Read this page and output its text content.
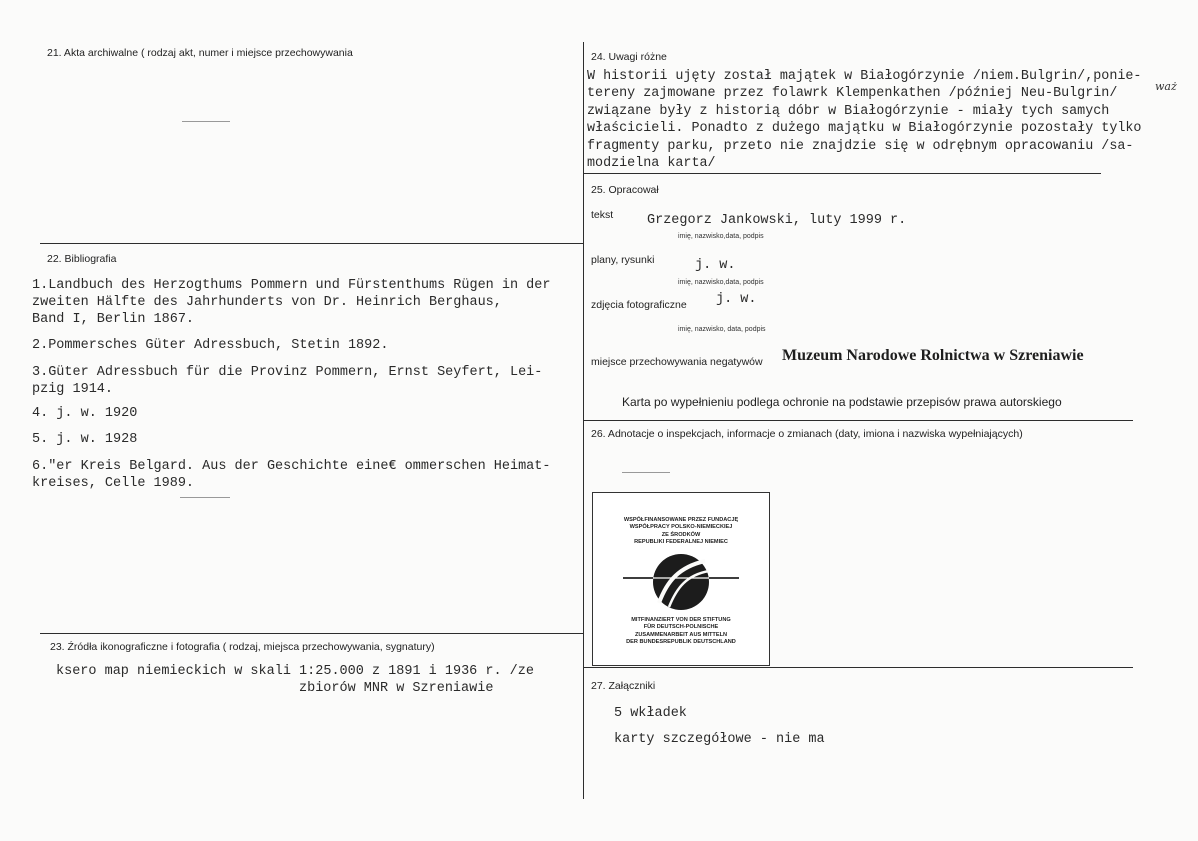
21. Akta archiwalne ( rodzaj akt, numer i miejsce przechowywania
22. Bibliografia
1.Landbuch des Herzogthums Pommern und Fürstenthums Rügen in der
zweiten Hälfte des Jahrhunderts von Dr. Heinrich Berghaus,
Band I, Berlin 1867.
2.Pommersches Güter Adressbuch, Stetin 1892.
3.Güter Adressbuch für die Provinz Pommern, Ernst Seyfert, Lei-
pzig 1914.
4. j. w. 1920
5. j. w. 1928
6."er Kreis Belgard. Aus der Geschichte eine€ ommerschen Heimat-
kreises, Celle 1989.
23. Źródła ikonograficzne i fotografia ( rodzaj, miejsca przechowywania, sygnatury)
ksero map niemieckich w skali 1:25.000 z 1891 i 1936 r. /ze
zbiorów MNR w Szreniawie
24. Uwagi różne
W historii ujęty został majątek w Białogórzynie /niem.Bulgrin/,ponie-
tereny zajmowane przez folawrk Klempenkathen /później Neu-Bulgrin/
związane były z historią dóbr w Białogórzynie - miały tych samych
właścicieli. Ponadto z dużego majątku w Białogórzynie pozostały tylko
fragmenty parku, przeto nie znajdzie się w odrębnym opracowaniu /sa-
modzielna karta/
waż
25. Opracował
tekst	Grzegorz Jankowski, luty 1999 r.
imię, nazwisko,data, podpis
plany, rysunki	j. w.
imię, nazwisko,data, podpis
zdjęcia fotograficzne j. w.
imię, nazwisko, data, podpis
miejsce przechowywania negatywów Muzeum Narodowe Rolnictwa w Szreniawie
Karta po wypełnieniu podlega ochronie na podstawie przepisów prawa autorskiego
26. Adnotacje o inspekcjach, informacje o zmianach (daty, imiona i nazwiska wypełniających)
WSPÓŁFINANSOWANE PRZEZ FUNDACJĘ
WSPÓŁPRACY POLSKO-NIEMIECKIEJ
ZE ŚRODKÓW
REPUBLIKI FEDERALNEJ NIEMIEC
MITFINANZIERT VON DER STIFTUNG
FÜR DEUTSCH-POLNISCHE
ZUSAMMENARBEIT AUS MITTELN
DER BUNDESREPUBLIK DEUTSCHLAND
27. Załączniki
5 wkładek
karty szczegółowe - nie ma
